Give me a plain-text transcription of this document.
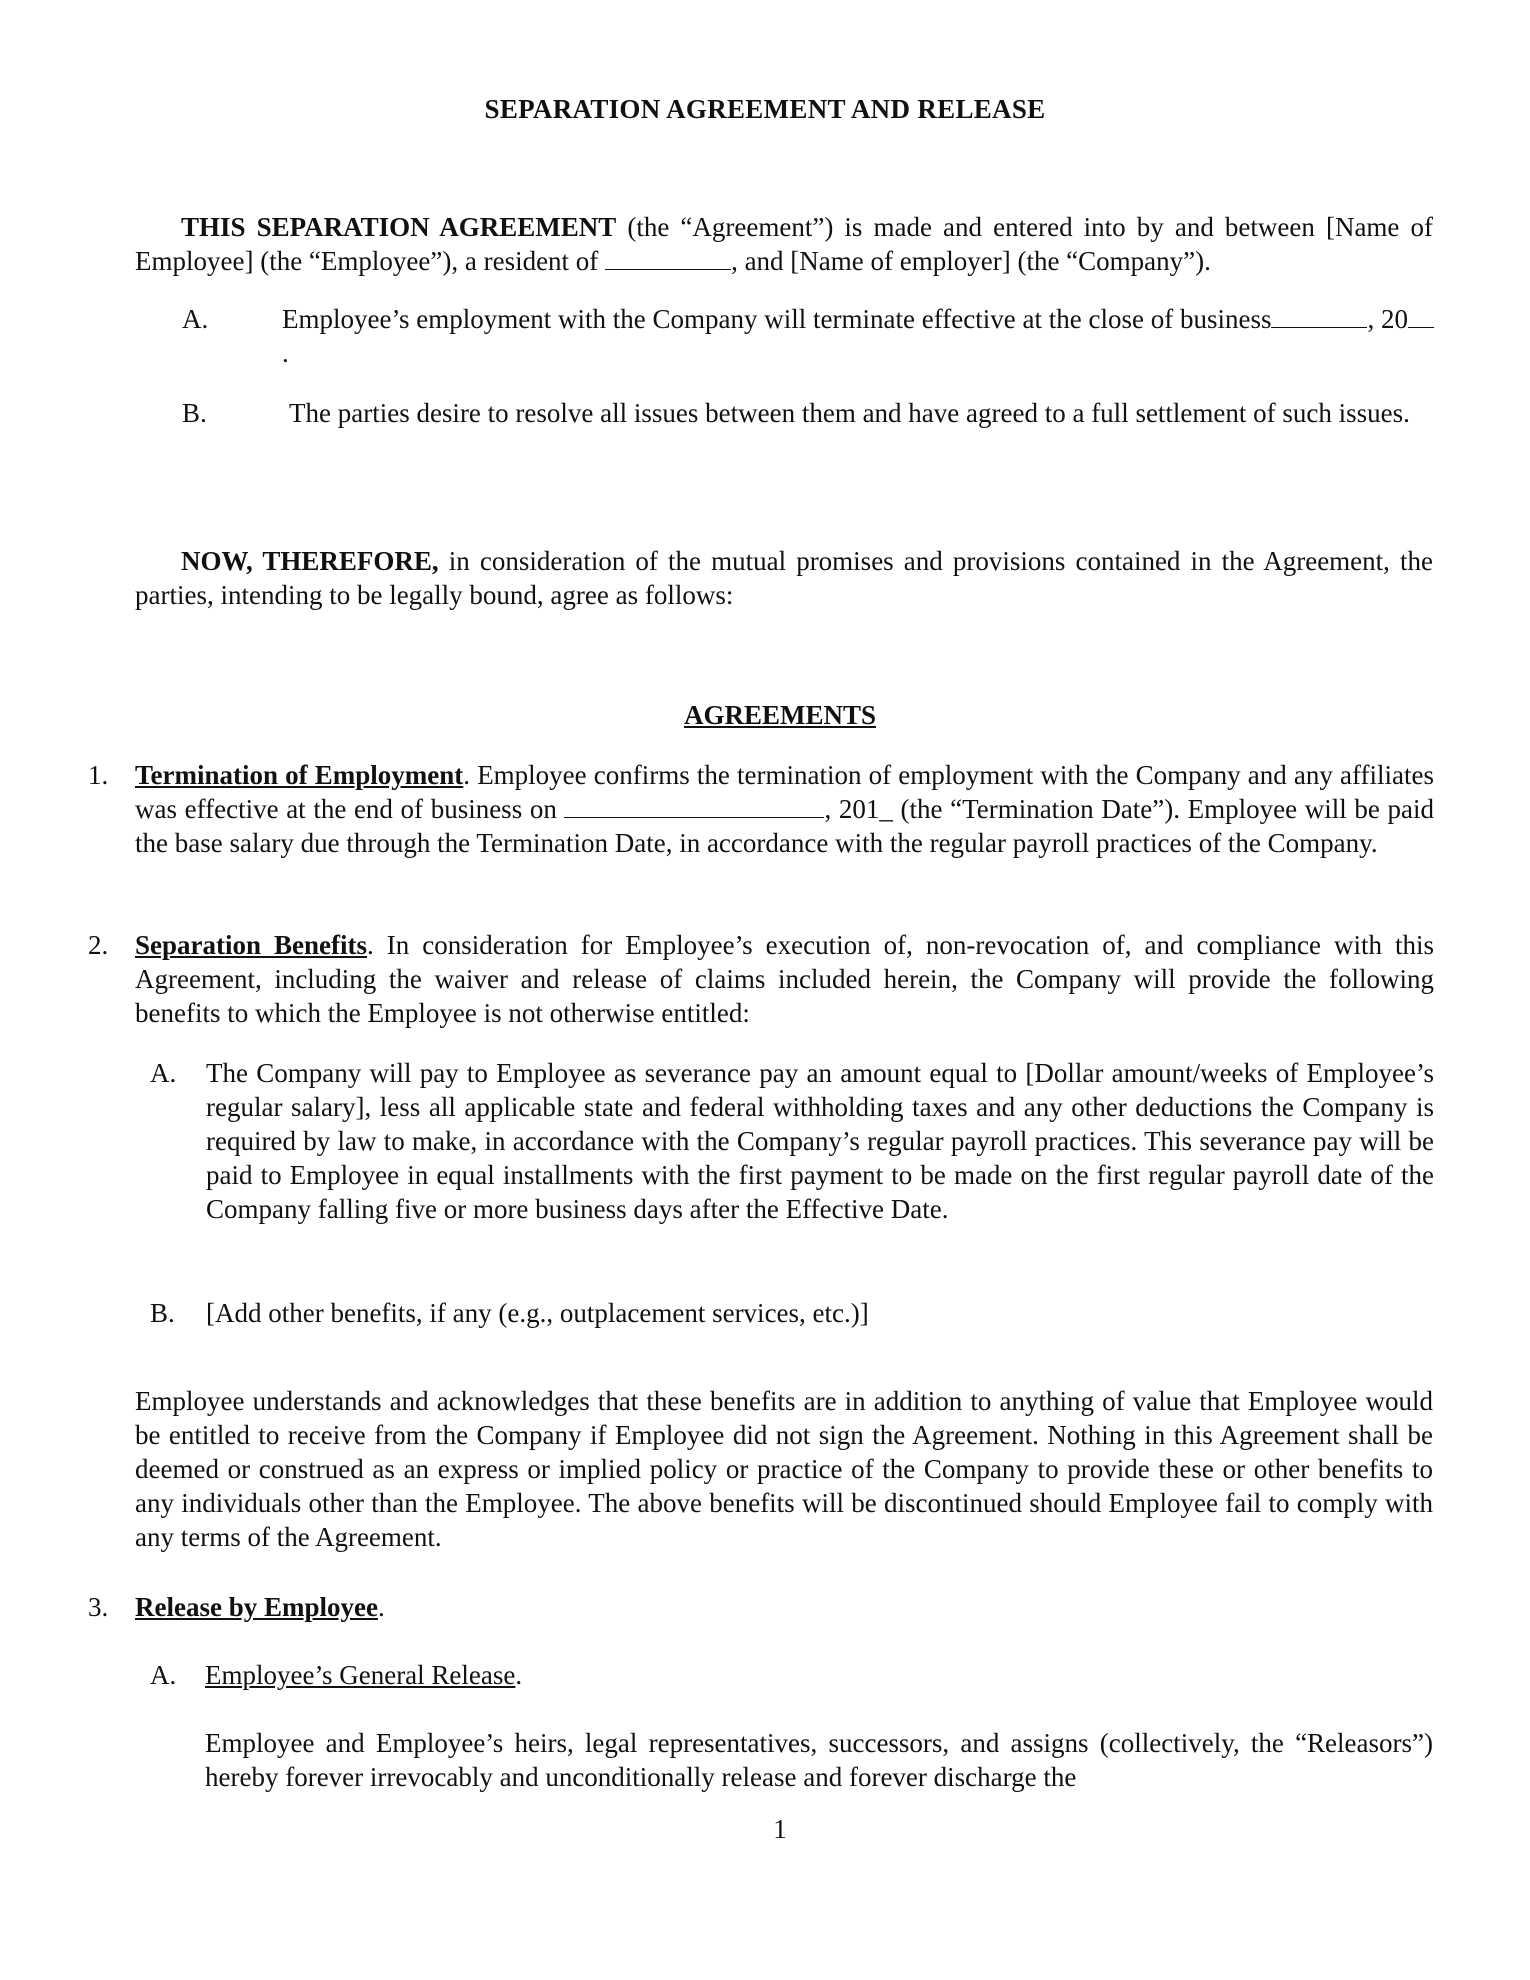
SEPARATION AGREEMENT AND RELEASE
THIS SEPARATION AGREEMENT (the “Agreement”) is made and entered into by and between [Name of Employee] (the “Employee”), a resident of	, and [Name of employer] (the “Company”).
A.	Employee’s employment with the Company will terminate effective at the close of business	, 20.
B.	The parties desire to resolve all issues between them and have agreed to a full settlement of such issues.
NOW, THEREFORE, in consideration of the mutual promises and provisions contained in the Agreement, the parties, intending to be legally bound, agree as follows:
AGREEMENTS
1. Termination of Employment. Employee confirms the termination of employment with the Company and any affiliates was effective at the end of business on	, 201_ (the “Termination Date”). Employee will be paid the base salary due through the Termination Date, in accordance with the regular payroll practices of the Company.
2. Separation Benefits. In consideration for Employee’s execution of, non-revocation of, and compliance with this Agreement, including the waiver and release of claims included herein, the Company will provide the following benefits to which the Employee is not otherwise entitled:
A. The Company will pay to Employee as severance pay an amount equal to [Dollar amount/weeks of Employee’s regular salary], less all applicable state and federal withholding taxes and any other deductions the Company is required by law to make, in accordance with the Company’s regular payroll practices. This severance pay will be paid to Employee in equal installments with the first payment to be made on the first regular payroll date of the Company falling five or more business days after the Effective Date.
B. [Add other benefits, if any (e.g., outplacement services, etc.)]
Employee understands and acknowledges that these benefits are in addition to anything of value that Employee would be entitled to receive from the Company if Employee did not sign the Agreement. Nothing in this Agreement shall be deemed or construed as an express or implied policy or practice of the Company to provide these or other benefits to any individuals other than the Employee. The above benefits will be discontinued should Employee fail to comply with any terms of the Agreement.
3. Release by Employee.
A. Employee’s General Release.
Employee and Employee’s heirs, legal representatives, successors, and assigns (collectively, the “Releasors”) hereby forever irrevocably and unconditionally release and forever discharge the
1
